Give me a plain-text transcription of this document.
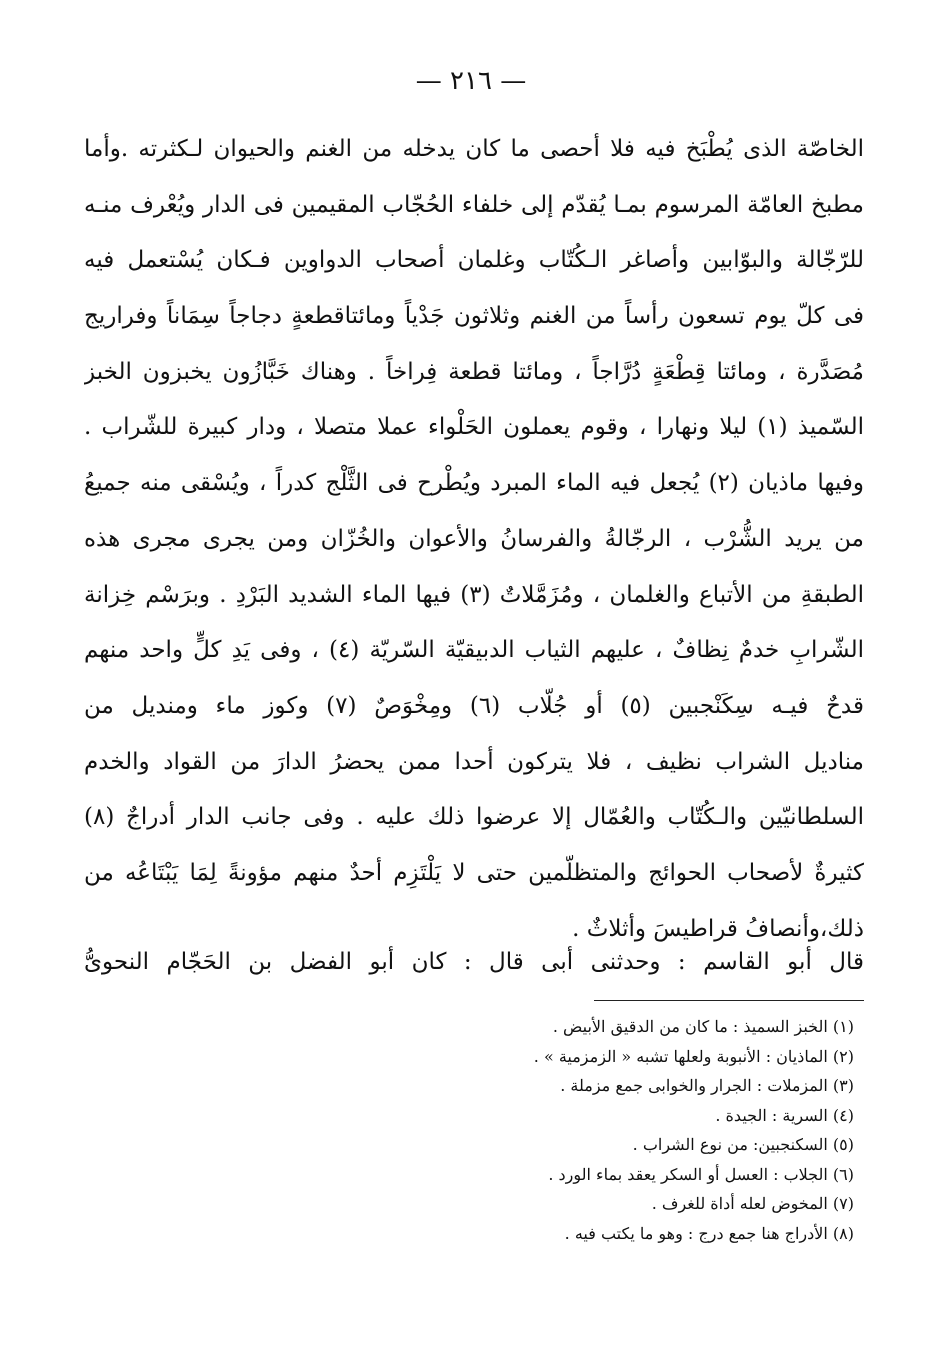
— ٢١٦ —
الخاصّة الذى يُطْبَخ فيه فلا أحصى ما كان يدخله من الغنم والحيوان لـكثرته .وأما
مطبخ العامّة المرسوم بمـا يُقدّم إلى خلفاء الحُجّاب المقيمين فى الدار ويُعْرف منـه
للرّجّالة والبوّابين وأصاغر الـكُتّاب وغلمان أصحاب الدواوين فـكان يُسْتعمل فيه
فى كلّ يوم تسعون رأساً من الغنم وثلاثون جَدْياً ومائتاقطعةٍ دجاجاً سِمَاناً وفراريج
مُصَدَّرة ، ومائتا قِطْعَةٍ دُرَّاجاً ، ومائتا قطعة فِراخاً . وهناك خَبَّازُون يخبزون الخبز
السّميذ (١) ليلا ونهارا ، وقوم يعملون الحَلْواء عملا متصلا ، ودار كبيرة للشّراب .
وفيها ماذيان (٢) يُجعل فيه الماء المبرد ويُطْرح فى الثَّلْج كدراً ، ويُسْقى منه جميعُ
من يريد الشُّرْب ، الرجّالةُ والفرسانُ والأعوان والخُزّان ومن يجرى مجرى هذه
الطبقةِ من الأتباع والغلمان ، ومُزَمَّلاتٌ (٣) فيها الماء الشديد البَرْدِ . وبرَسْم خِزانة
الشّرابِ خدمٌ نِظافٌ ، عليهم الثياب الدبيقيّة السّريّة (٤) ، وفى يَدِ كلٍّ واحد منهم
قدحٌ فيـه سِكَنْجبين (٥) أو جُلّاب (٦) ومِخْوَصٌ (٧) وكوز ماء ومنديل من
مناديل الشراب نظيف ، فلا يتركون أحدا ممن يحضرُ الدارَ من القواد والخدم
السلطانيّين والـكُتّاب والعُمّال إلا عرضوا ذلك عليه . وفى جانب الدار أدراجٌ (٨)
كثيرةٌ لأصحاب الحوائج والمتظلّمين حتى لا يَلْتَزِم أحدٌ منهم مؤونةً لِمَا يَبْتَاعُه من
ذلك،وأنصافُ قراطيسَ وأثلاثٌ .
قال أبو القاسم : وحدثنى أبى قال : كان أبو الفضل بن الحَجّام النحوىُّ
(١) الخبز السميذ : ما كان من الدقيق الأبيض .
(٢) الماذيان : الأنبوبة ولعلها تشبه « الزمزمية » .
(٣) المزملات : الجرار والخوابى جمع مزملة .
(٤) السرية : الجيدة .
(٥) السكنجبين: من نوع الشراب .
(٦) الجلاب : العسل أو السكر يعقد بماء الورد .
(٧) المخوض لعله أداة للغرف .
(٨) الأدراج هنا جمع درج : وهو ما يكتب فيه .
